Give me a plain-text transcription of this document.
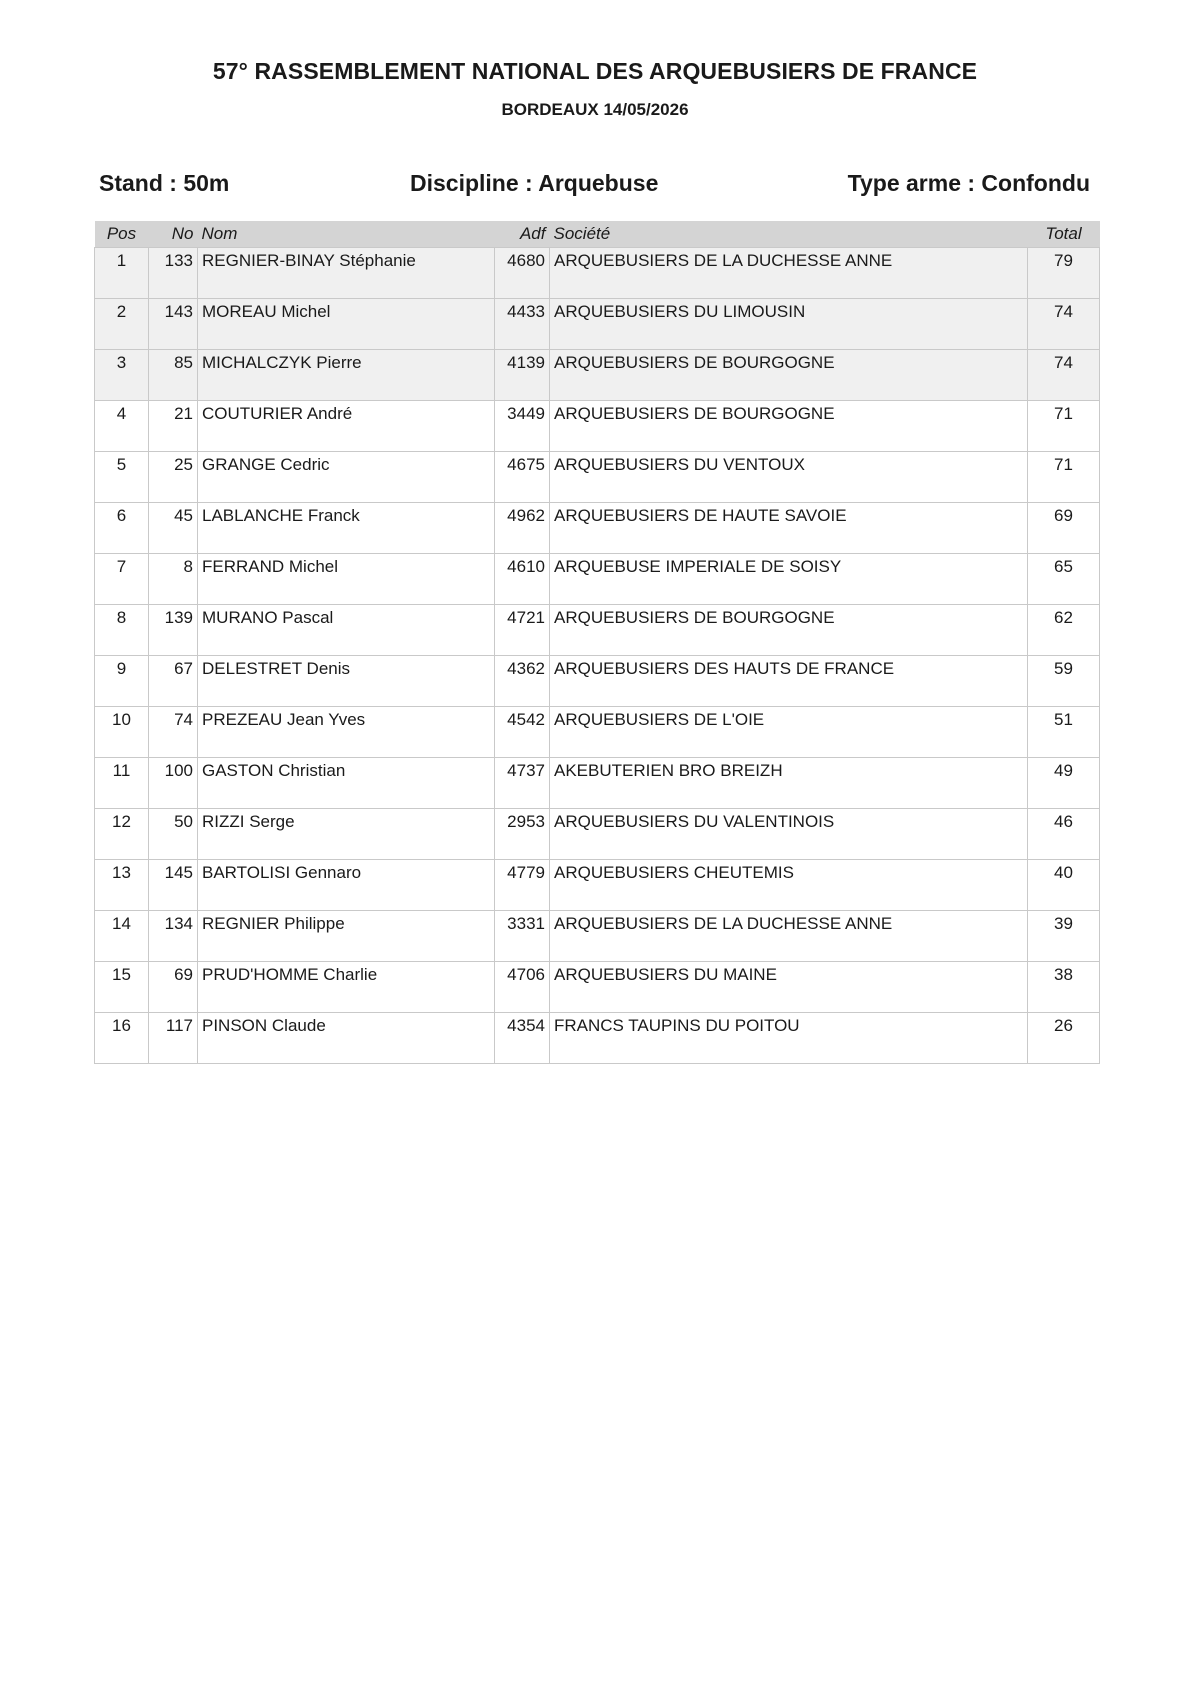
57° RASSEMBLEMENT NATIONAL DES ARQUEBUSIERS DE FRANCE
BORDEAUX 14/05/2026
Stand : 50m	Discipline : Arquebuse	Type arme : Confondu
Pos	No	Nom	Adf	Société	Total
1	133	REGNIER-BINAY Stéphanie	4680	ARQUEBUSIERS DE LA DUCHESSE ANNE	79
2	143	MOREAU Michel	4433	ARQUEBUSIERS DU LIMOUSIN	74
3	85	MICHALCZYK Pierre	4139	ARQUEBUSIERS DE BOURGOGNE	74
4	21	COUTURIER André	3449	ARQUEBUSIERS DE BOURGOGNE	71
5	25	GRANGE Cedric	4675	ARQUEBUSIERS DU VENTOUX	71
6	45	LABLANCHE Franck	4962	ARQUEBUSIERS DE HAUTE SAVOIE	69
7	8	FERRAND Michel	4610	ARQUEBUSE IMPERIALE DE SOISY	65
8	139	MURANO Pascal	4721	ARQUEBUSIERS DE BOURGOGNE	62
9	67	DELESTRET Denis	4362	ARQUEBUSIERS DES HAUTS DE FRANCE	59
10	74	PREZEAU Jean Yves	4542	ARQUEBUSIERS DE L'OIE	51
11	100	GASTON Christian	4737	AKEBUTERIEN BRO BREIZH	49
12	50	RIZZI Serge	2953	ARQUEBUSIERS DU VALENTINOIS	46
13	145	BARTOLISI Gennaro	4779	ARQUEBUSIERS CHEUTEMIS	40
14	134	REGNIER Philippe	3331	ARQUEBUSIERS DE LA DUCHESSE ANNE	39
15	69	PRUD'HOMME Charlie	4706	ARQUEBUSIERS DU MAINE	38
16	117	PINSON Claude	4354	FRANCS TAUPINS DU POITOU	26
